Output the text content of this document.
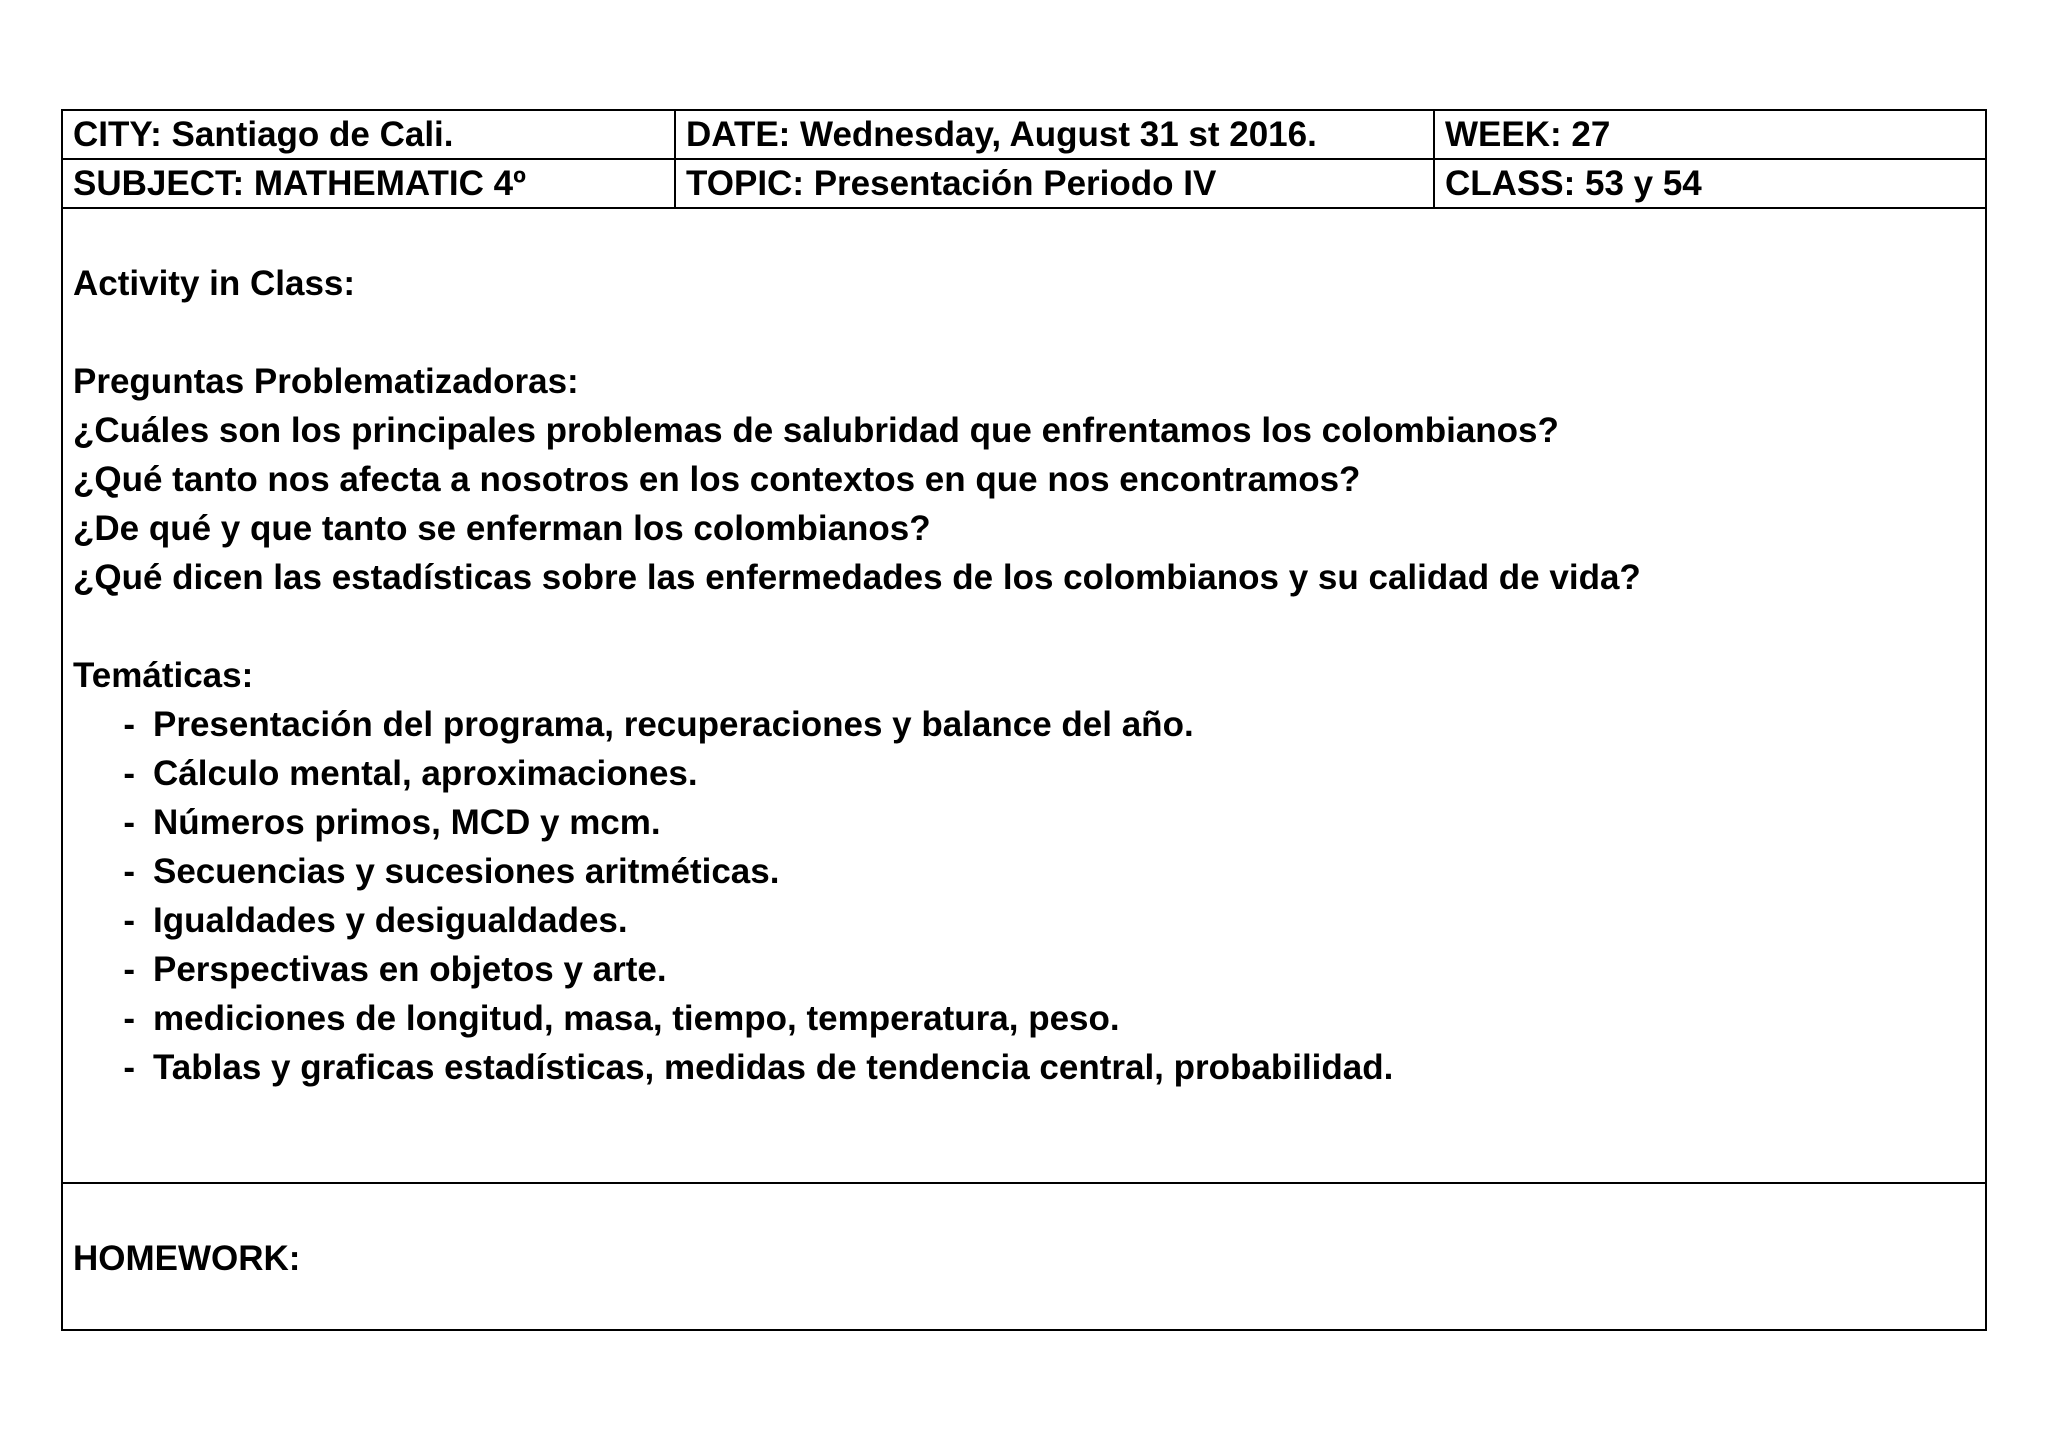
CITY: Santiago de Cali.	DATE: Wednesday, August 31 st 2016.	WEEK: 27
SUBJECT: MATHEMATIC 4º	TOPIC: Presentación Periodo IV	CLASS: 53 y 54
Activity in Class:
Preguntas Problematizadoras:
¿Cuáles son los principales problemas de salubridad que enfrentamos los colombianos?
¿Qué tanto nos afecta a nosotros en los contextos en que nos encontramos?
¿De qué y que tanto se enferman los colombianos?
¿Qué dicen las estadísticas sobre las enfermedades de los colombianos y su calidad de vida?
Temáticas:
- Presentación del programa, recuperaciones y balance del año.
- Cálculo mental, aproximaciones.
- Números primos, MCD y mcm.
- Secuencias y sucesiones aritméticas.
- Igualdades y desigualdades.
- Perspectivas en objetos y arte.
- mediciones de longitud, masa, tiempo, temperatura, peso.
- Tablas y graficas estadísticas, medidas de tendencia central, probabilidad.
HOMEWORK:
